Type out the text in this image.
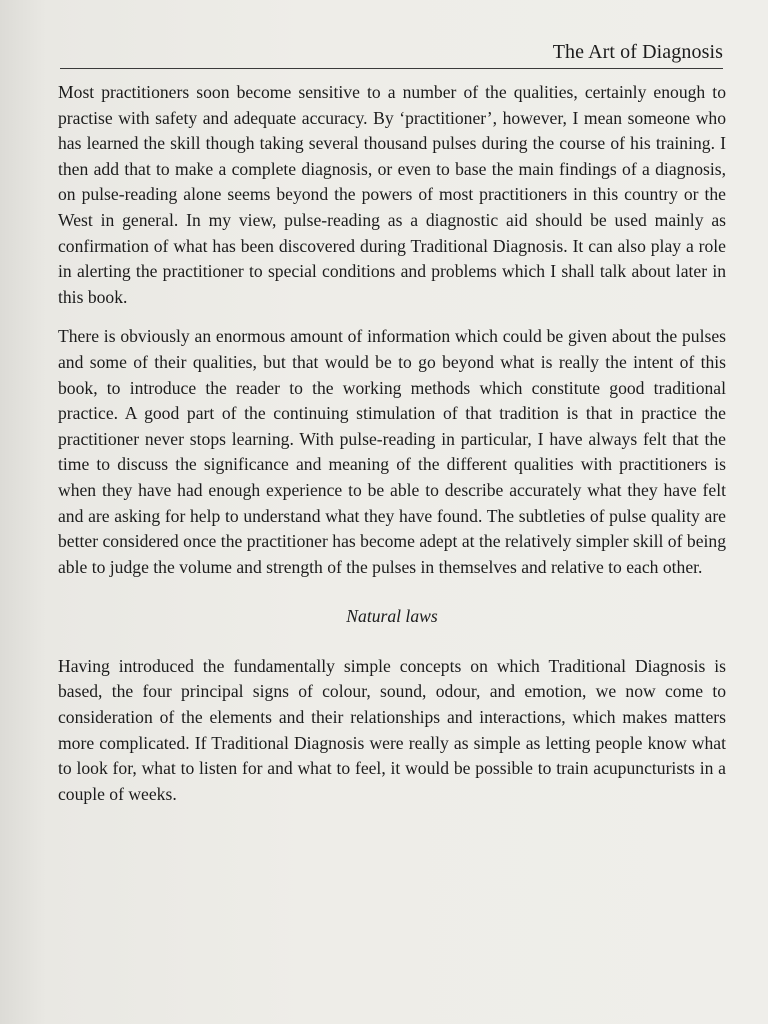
The Art of Diagnosis

Most practitioners soon become sensitive to a number of the qualities, certainly enough to practise with safety and adequate accuracy. By ‘practitioner’, however, I mean someone who has learned the skill though taking several thousand pulses during the course of his training. I then add that to make a complete diagnosis, or even to base the main findings of a diagnosis, on pulse-reading alone seems beyond the powers of most practitioners in this country or the West in general. In my view, pulse-reading as a diagnostic aid should be used mainly as confirmation of what has been discovered during Traditional Diagnosis. It can also play a role in alerting the practitioner to special conditions and problems which I shall talk about later in this book.

There is obviously an enormous amount of information which could be given about the pulses and some of their qualities, but that would be to go beyond what is really the intent of this book, to introduce the reader to the working methods which constitute good traditional practice. A good part of the continuing stimulation of that tradition is that in practice the practitioner never stops learning. With pulse-reading in particular, I have always felt that the time to discuss the significance and meaning of the different qualities with practitioners is when they have had enough experience to be able to describe accurately what they have felt and are asking for help to understand what they have found. The subtleties of pulse quality are better considered once the practitioner has become adept at the relatively simpler skill of being able to judge the volume and strength of the pulses in themselves and relative to each other.

Natural laws

Having introduced the fundamentally simple concepts on which Traditional Diagnosis is based, the four principal signs of colour, sound, odour, and emotion, we now come to consideration of the elements and their relationships and interactions, which makes matters more complicated. If Traditional Diagnosis were really as simple as letting people know what to look for, what to listen for and what to feel, it would be possible to train acupuncturists in a couple of weeks.
